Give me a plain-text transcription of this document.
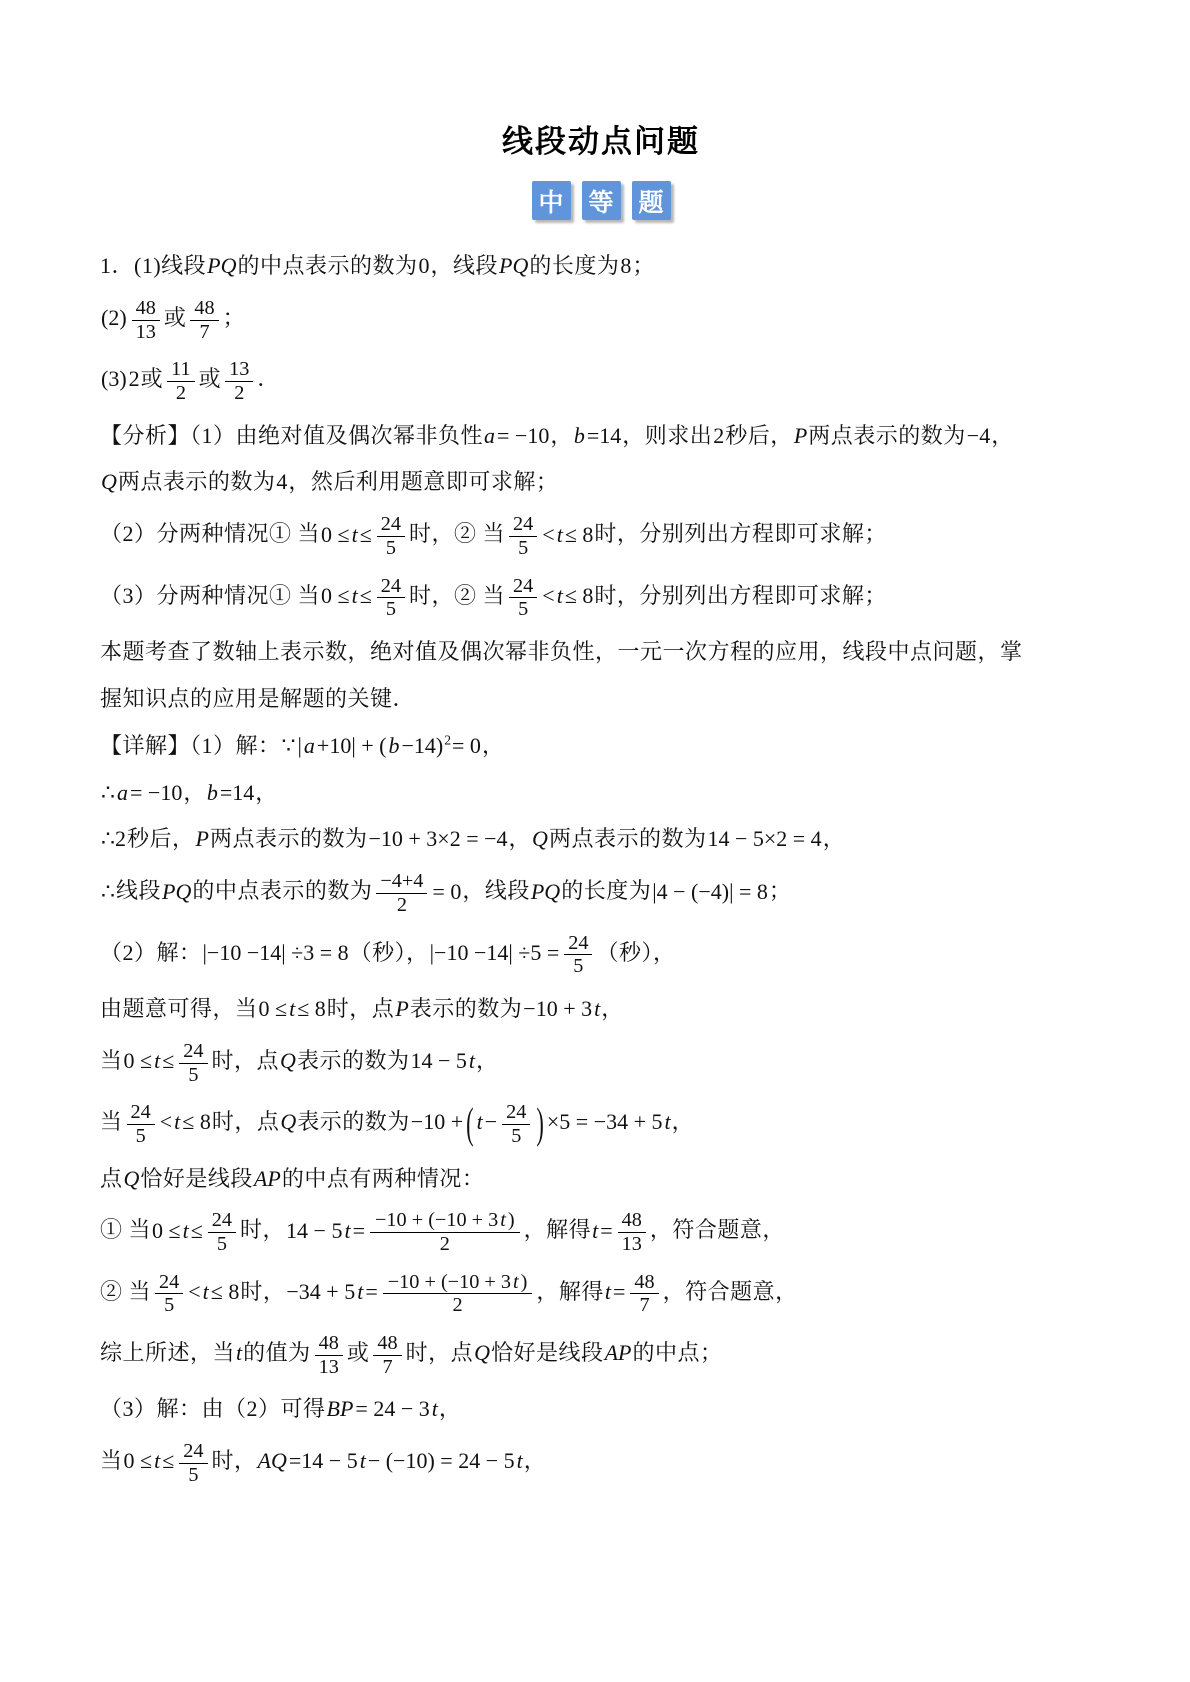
线段动点问题
中 等 题
1．(1)线段PQ的中点表示的数为0，线段PQ的长度为8；
$(2) \frac{48}{13}$ 或 $\frac{48}{7}$ ；
(3)2或 $\frac{11}{2}$ 或 $\frac{13}{2}$ ．
【分析】（1）由绝对值及偶次幂非负性a= −10，b=14，则求出2秒后，P两点表示的数为−4，
Q两点表示的数为4，然后利用题意即可求解；
（2）分两种情况① 当$0 \le t\le \frac{24}{5}$ 时，② 当 $\frac{24}{5} <t\le 8$时，分别列出方程即可求解；
（3）分两种情况① 当$0 \le t\le \frac{24}{5}$ 时，② 当 $\frac{24}{5} <t\le 8$时，分别列出方程即可求解；
本题考查了数轴上表示数，绝对值及偶次幂非负性，一元一次方程的应用，线段中点问题，掌
握知识点的应用是解题的关键．
【详解】（1）解：∵|a+10| + $(b-14)^2= 0$，
∴a= −10，b=14，
∴2秒后，P两点表示的数为−10 + 3×2 = −4，Q两点表示的数为14 − 5×2 = 4，
∴线段PQ的中点表示的数为 $\frac{-4+4}{2} = 0$，线段PQ的长度为|4 − (−4)| = 8；
（2）解：|−10 −14| ÷3 = 8（秒），$|-10 -14| \div 5 = \frac{24}{5}$ （秒），
由题意可得，当0 ≤t≤ 8时，点P表示的数为−10 + 3t，
当$0 \le t\le \frac{24}{5}$ 时，点Q表示的数为14 − 5t，
当 $\frac{24}{5} <t\le 8$时，点Q表示的数为−10 + ( $t- \frac{24}{5}$ ) ×5 = −34 + 5t，
点Q恰好是线段AP的中点有两种情况：
① 当$0 \le t\le \frac{24}{5}$ 时，$14 - 5t= \frac{-10 + (-10 + 3t)}{2}$ ，解得$t= \frac{48}{13}$ ，符合题意，
② 当 $\frac{24}{5} <t\le 8$时，$-34 + 5t= \frac{-10 + (-10 + 3t)}{2}$ ，解得$t= \frac{48}{7}$ ，符合题意，
综上所述，当t的值为 $\frac{48}{13}$ 或 $\frac{48}{7}$ 时，点Q恰好是线段AP的中点；
（3）解：由（2）可得BP= 24 − 3t，
当$0 \le t\le \frac{24}{5}$ 时，AQ=14 − 5t− (−10) = 24 − 5t，
